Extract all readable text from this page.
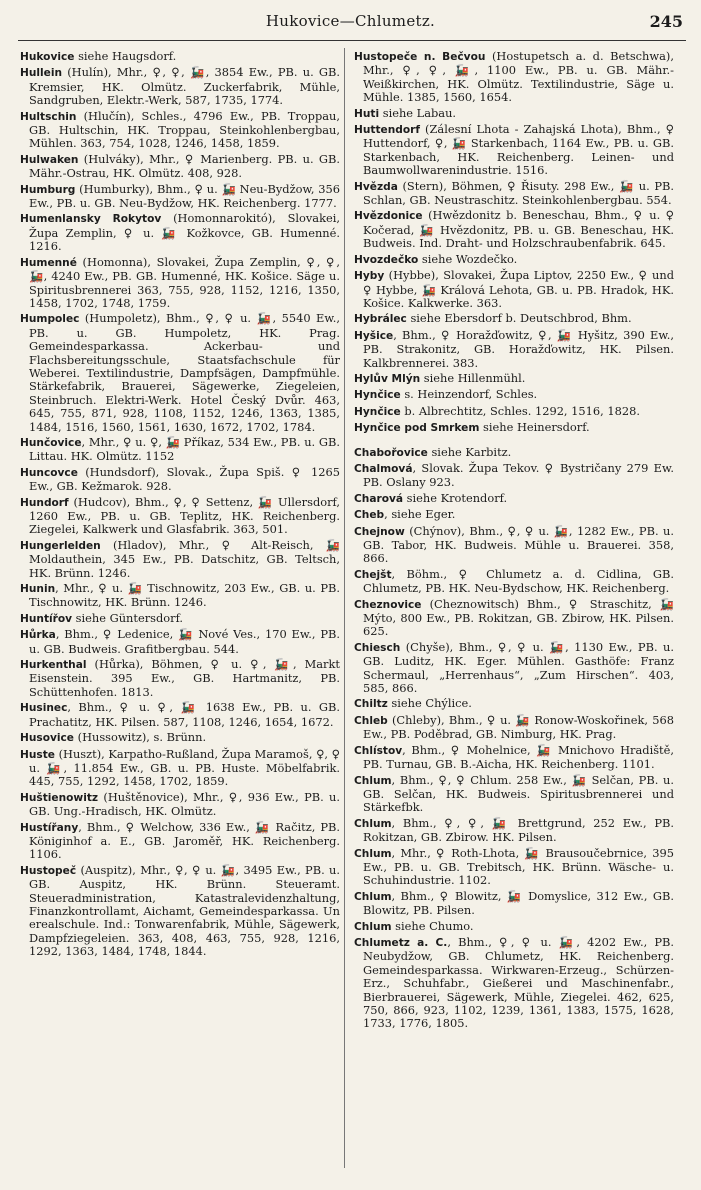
Hukovice—Chlumetz.	245
Hukovice siehe Haugsdorf.
Hullein (Hulín), Mhr., ♀, ♀, 🚂, 3854 Ew., PB. u. GB. Kremsier, HK. Olmütz. Zuckerfabrik, Mühle, Sandgruben, Elektr.-Werk, 587, 1735, 1774.
Hultschin (Hlučín), Schles., 4796 Ew., PB. Troppau, GB. Hultschin, HK. Troppau, Steinkohlenbergbau, Mühlen. 363, 754, 1028, 1246, 1458, 1859.
Hulwaken (Hulváky), Mhr., ♀ Marienberg. PB. u. GB. Mähr.-Ostrau, HK. Olmütz. 408, 928.
Humburg (Humburky), Bhm., ♀ u. 🚂 Neu-Bydžow, 356 Ew., PB. u. GB. Neu-Bydžow, HK. Reichenberg. 1777.
Humenlansky Rokytov (Homonnarokitó), Slovakei, Župa Zemplin, ♀ u. 🚂 Kožkovce, GB. Humenné. 1216.
Humenné (Homonna), Slovakei, Župa Zemplin, ♀, ♀, 🚂, 4240 Ew., PB. GB. Humenné, HK. Košice. Säge u. Spiritusbrennerei 363, 755, 928, 1152, 1216, 1350, 1458, 1702, 1748, 1759.
Humpolec (Humpoletz), Bhm., ♀, ♀ u. 🚂, 5540 Ew., PB. u. GB. Humpoletz, HK. Prag. Gemeindesparkassa. Ackerbau- und Flachsbereitungsschule, Staatsfachschule für Weberei. Textilindustrie, Dampfsägen, Dampfmühle. Stärkefabrik, Brauerei, Sägewerke, Ziegeleien, Steinbruch. Elektri-Werk. Hotel Český Dvůr. 463, 645, 755, 871, 928, 1108, 1152, 1246, 1363, 1385, 1484, 1516, 1560, 1561, 1630, 1672, 1702, 1784.
Hunčovice, Mhr., ♀ u. ♀, 🚂 Příkaz, 534 Ew., PB. u. GB. Littau. HK. Olmütz. 1152
Huncovce (Hundsdorf), Slovak., Župa Spiš. ♀ 1265 Ew., GB. Kežmarok. 928.
Hundorf (Hudcov), Bhm., ♀, ♀ Settenz, 🚂 Ullersdorf, 1260 Ew., PB. u. GB. Teplitz, HK. Reichenberg. Ziegelei, Kalkwerk und Glasfabrik. 363, 501.
Hungerlelden (Hladov), Mhr., ♀ Alt-Reisch, 🚂 Moldauthein, 345 Ew., PB. Datschitz, GB. Teltsch, HK. Brünn. 1246.
Hunin, Mhr., ♀ u. 🚂 Tischnowitz, 203 Ew., GB. u. PB. Tischnowitz, HK. Brünn. 1246.
Huntířov siehe Güntersdorf.
Hůrka, Bhm., ♀ Ledenice, 🚂 Nové Ves., 170 Ew., PB. u. GB. Budweis. Grafitbergbau. 544.
Hurkenthal (Hůrka), Böhmen, ♀ u. ♀, 🚂, Markt Eisenstein. 395 Ew., GB. Hartmanitz, PB. Schüttenhofen. 1813.
Husinec, Bhm., ♀ u. ♀, 🚂 1638 Ew., PB. u. GB. Prachatitz, HK. Pilsen. 587, 1108, 1246, 1654, 1672.
Husovice (Hussowitz), s. Brünn.
Huste (Huszt), Karpatho-Rußland, Župa Maramoš, ♀, ♀ u. 🚂, 11.854 Ew., GB. u. PB. Huste. Möbelfabrik. 445, 755, 1292, 1458, 1702, 1859.
Huštienowitz (Huštěnovice), Mhr., ♀, 936 Ew., PB. u. GB. Ung.-Hradisch, HK. Olmütz.
Hustířany, Bhm., ♀ Welchow, 336 Ew., 🚂 Račitz, PB. Königinhof a. E., GB. Jaroměř, HK. Reichenberg. 1106.
Hustopeč (Auspitz), Mhr., ♀, ♀ u. 🚂, 3495 Ew., PB. u. GB. Auspitz, HK. Brünn. Steueramt. Steueradministration, Katastralevidenzhaltung, Finanzkontrollamt, Aichamt, Gemeindesparkassa. Un erealschule. Ind.: Tonwarenfabrik, Mühle, Sägewerk, Dampfziegeleien. 363, 408, 463, 755, 928, 1216, 1292, 1363, 1484, 1748, 1844.
Hustopeče n. Bečvou (Hostupetsch a. d. Betschwa), Mhr., ♀, ♀, 🚂, 1100 Ew., PB. u. GB. Mähr.-Weißkirchen, HK. Olmütz. Textilindustrie, Säge u. Mühle. 1385, 1560, 1654.
Huti siehe Labau.
Huttendorf (Zálesní Lhota - Zahajská Lhota), Bhm., ♀ Huttendorf, ♀, 🚂 Starkenbach, 1164 Ew., PB. u. GB. Starkenbach, HK. Reichenberg. Leinen- und Baumwollwarenindustrie. 1516.
Hvězda (Stern), Böhmen, ♀ Řisuty. 298 Ew., 🚂 u. PB. Schlan, GB. Neustraschitz. Steinkohlenbergbau. 554.
Hvězdonice (Hwězdonitz b. Beneschau, Bhm., ♀ u. ♀ Kočerad, 🚂 Hvězdonitz, PB. u. GB. Beneschau, HK. Budweis. Ind. Draht- und Holzschraubenfabrik. 645.
Hvozdečko siehe Wozdečko.
Hyby (Hybbe), Slovakei, Župa Liptov, 2250 Ew., ♀ und ♀ Hybbe, 🚂 Králová Lehota, GB. u. PB. Hradok, HK. Košice. Kalkwerke. 363.
Hybrálec siehe Ebersdorf b. Deutschbrod, Bhm.
Hyšice, Bhm., ♀ Horažďowitz, ♀, 🚂 Hyšitz, 390 Ew., PB. Strakonitz, GB. Horažďowitz, HK. Pilsen. Kalkbrennerei. 383.
Hylův Mlýn siehe Hillenmühl.
Hynčice s. Heinzendorf, Schles.
Hynčice b. Albrechtitz, Schles. 1292, 1516, 1828.
Hynčice pod Smrkem siehe Heinersdorf.
Chabořovice siehe Karbitz.
Chalmová, Slovak. Župa Tekov. ♀ Bystričany 279 Ew. PB. Oslany 923.
Charová siehe Krotendorf.
Cheb, siehe Eger.
Chejnow (Chýnov), Bhm., ♀, ♀ u. 🚂, 1282 Ew., PB. u. GB. Tabor, HK. Budweis. Mühle u. Brauerei. 358, 866.
Chejšt, Böhm., ♀ Chlumetz a. d. Cidlina, GB. Chlumetz, PB. HK. Neu-Bydschow, HK. Reichenberg.
Cheznovice (Cheznowitsch) Bhm., ♀ Straschitz, 🚂 Mýto, 800 Ew., PB. Rokitzan, GB. Zbirow, HK. Pilsen. 625.
Chiesch (Chyše), Bhm., ♀, ♀ u. 🚂, 1130 Ew., PB. u. GB. Luditz, HK. Eger. Mühlen. Gasthöfe: Franz Schermaul, „Herrenhaus“, „Zum Hirschen“. 403, 585, 866.
Chiltz siehe Chýlice.
Chleb (Chleby), Bhm., ♀ u. 🚂 Ronow-Woskořinek, 568 Ew., PB. Poděbrad, GB. Nimburg, HK. Prag.
Chlístov, Bhm., ♀ Mohelnice, 🚂 Mnichovo Hradiště, PB. Turnau, GB. B.-Aicha, HK. Reichenberg. 1101.
Chlum, Bhm., ♀, ♀ Chlum. 258 Ew., 🚂 Selčan, PB. u. GB. Selčan, HK. Budweis. Spiritusbrennerei und Stärkefbk.
Chlum, Bhm., ♀, ♀, 🚂 Brettgrund, 252 Ew., PB. Rokitzan, GB. Zbirow. HK. Pilsen.
Chlum, Mhr., ♀ Roth-Lhota, 🚂 Brausoučebrnice, 395 Ew., PB. u. GB. Trebitsch, HK. Brünn. Wäsche- u. Schuhindustrie. 1102.
Chlum, Bhm., ♀ Blowitz, 🚂 Domyslice, 312 Ew., GB. Blowitz, PB. Pilsen.
Chlum siehe Chumo.
Chlumetz a. C., Bhm., ♀, ♀ u. 🚂, 4202 Ew., PB. Neubydžow, GB. Chlumetz, HK. Reichenberg. Gemeindesparkassa. Wirkwaren-Erzeug., Schürzen-Erz., Schuhfabr., Gießerei und Maschinenfabr., Bierbrauerei, Sägewerk, Mühle, Ziegelei. 462, 625, 750, 866, 923, 1102, 1239, 1361, 1383, 1575, 1628, 1733, 1776, 1805.
